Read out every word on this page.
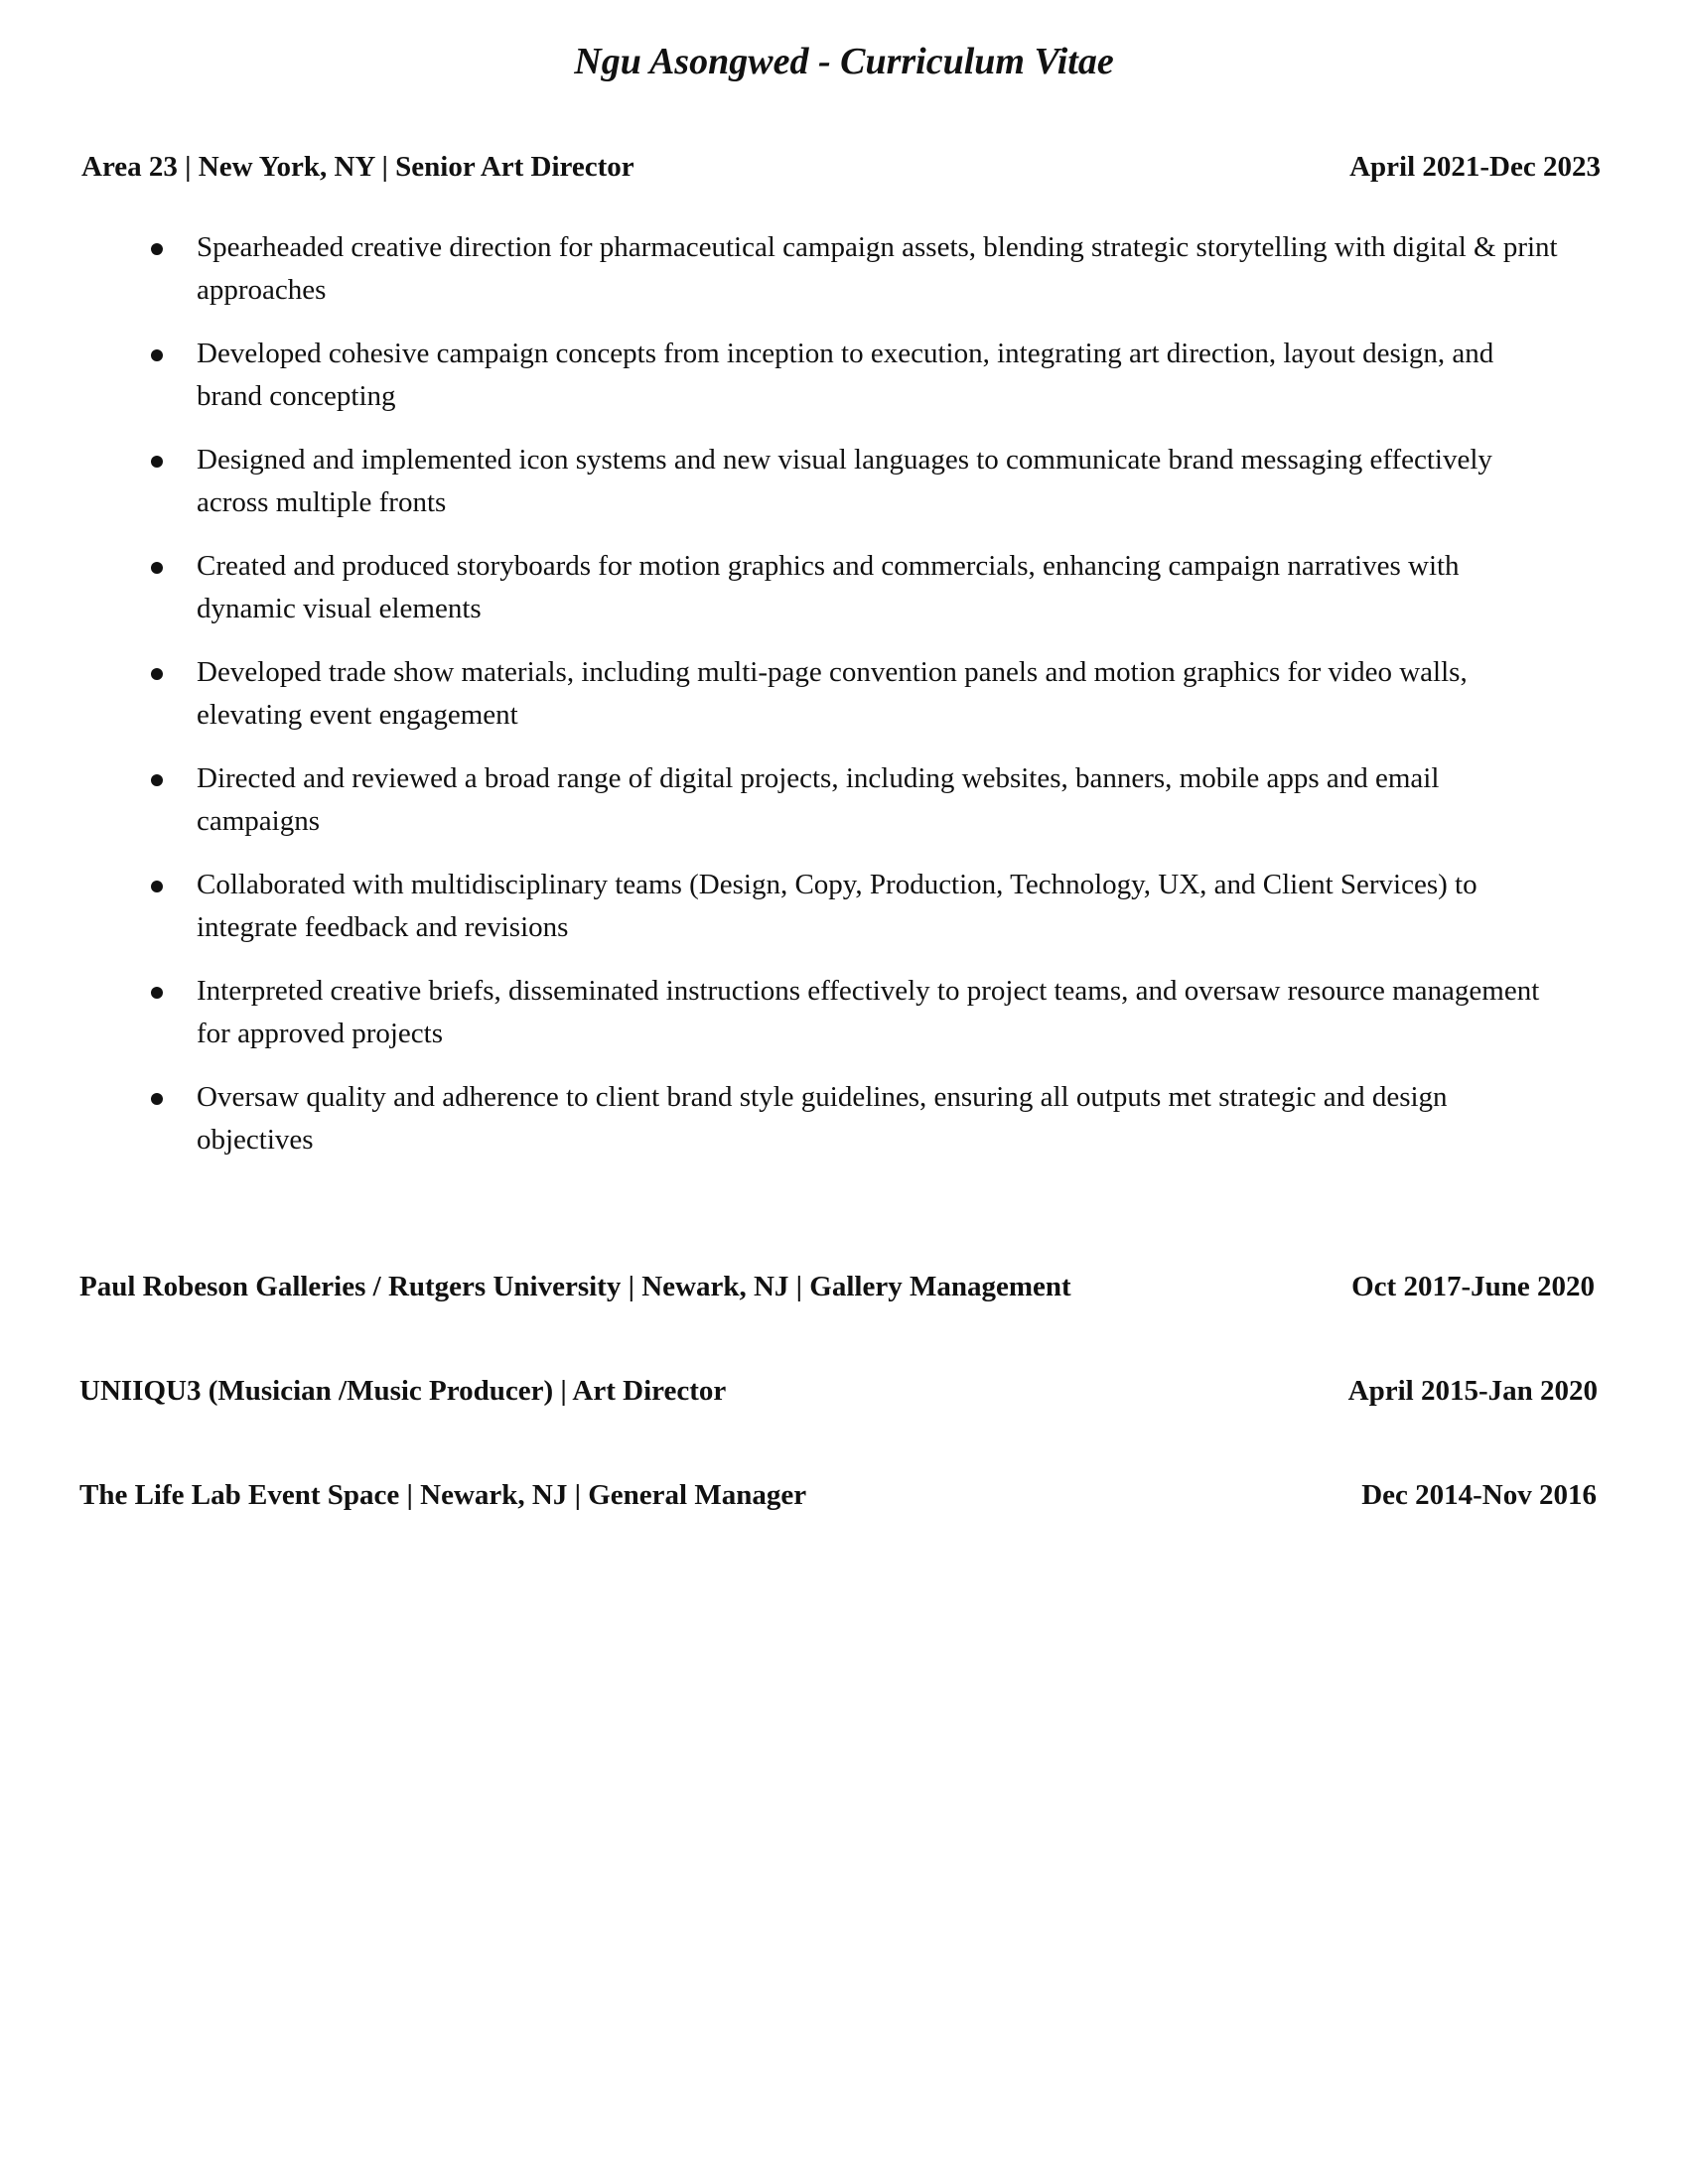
Ngu Asongwed - Curriculum Vitae
Area 23 | New York, NY | Senior Art Director	April 2021-Dec 2023
Spearheaded creative direction for pharmaceutical campaign assets, blending strategic storytelling with digital & print approaches
Developed cohesive campaign concepts from inception to execution, integrating art direction, layout design, and brand concepting
Designed and implemented icon systems and new visual languages to communicate brand messaging effectively across multiple fronts
Created and produced storyboards for motion graphics and commercials, enhancing campaign narratives with dynamic visual elements
Developed trade show materials, including multi-page convention panels and motion graphics for video walls, elevating event engagement
Directed and reviewed a broad range of digital projects, including websites, banners, mobile apps and email campaigns
Collaborated with multidisciplinary teams (Design, Copy, Production, Technology, UX, and Client Services) to integrate feedback and revisions
Interpreted creative briefs, disseminated instructions effectively to project teams, and oversaw resource management for approved projects
Oversaw quality and adherence to client brand style guidelines, ensuring all outputs met strategic and design objectives
Paul Robeson Galleries / Rutgers University | Newark, NJ | Gallery Management	Oct 2017-June 2020
UNIIQU3 (Musician /Music Producer) | Art Director	April 2015-Jan 2020
The Life Lab Event Space | Newark, NJ | General Manager	Dec 2014-Nov 2016
